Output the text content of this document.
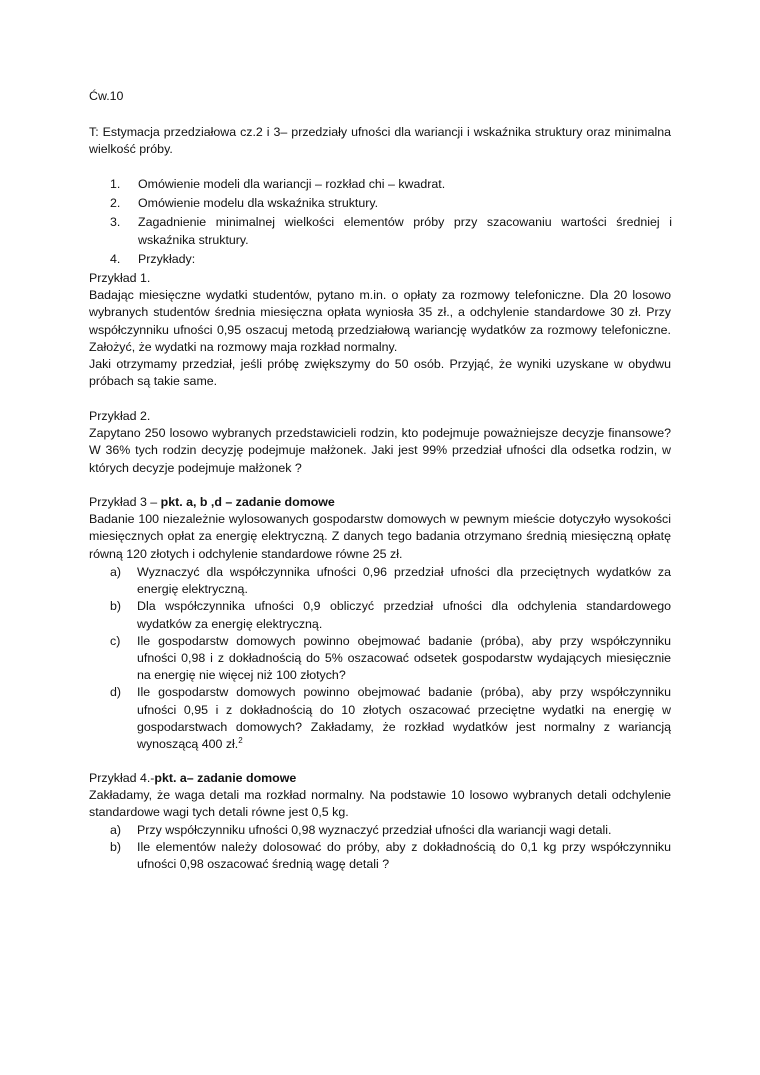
Ćw.10

T: Estymacja przedziałowa cz.2 i 3– przedziały ufności dla wariancji i wskaźnika struktury oraz minimalna wielkość próby.

1. Omówienie modeli dla wariancji – rozkład chi – kwadrat.
2. Omówienie modelu dla wskaźnika struktury.
3. Zagadnienie minimalnej wielkości elementów próby przy szacowaniu wartości średniej i wskaźnika struktury.
4. Przykłady:

Przykład 1.

Badając miesięczne wydatki studentów, pytano m.in. o opłaty za rozmowy telefoniczne. Dla 20 losowo wybranych studentów średnia miesięczna opłata wyniosła 35 zł., a odchylenie standardowe 30 zł. Przy współczynniku ufności 0,95 oszacuj metodą przedziałową wariancję wydatków za rozmowy telefoniczne. Założyć, że wydatki na rozmowy maja rozkład normalny.

Jaki otrzymamy przedział, jeśli próbę zwiększymy do 50 osób. Przyjąć, że wyniki uzyskane w obydwu próbach są takie same.

Przykład 2.

Zapytano 250 losowo wybranych przedstawicieli rodzin, kto podejmuje poważniejsze decyzje finansowe? W 36% tych rodzin decyzję podejmuje małżonek. Jaki jest 99% przedział ufności dla odsetka rodzin, w których decyzje podejmuje małżonek ?

Przykład 3 – pkt. a, b ,d – zadanie domowe

Badanie 100 niezależnie wylosowanych gospodarstw domowych w pewnym mieście dotyczyło wysokości miesięcznych opłat za energię elektryczną. Z danych tego badania otrzymano średnią miesięczną opłatę równą 120 złotych i odchylenie standardowe równe 25 zł.

a) Wyznaczyć dla współczynnika ufności 0,96 przedział ufności dla przeciętnych wydatków za energię elektryczną.
b) Dla współczynnika ufności 0,9 obliczyć przedział ufności dla odchylenia standardowego wydatków za energię elektryczną.
c) Ile gospodarstw domowych powinno obejmować badanie (próba), aby przy współczynniku ufności 0,98 i z dokładnością do 5% oszacować odsetek gospodarstw wydających miesięcznie na energię nie więcej niż 100 złotych?
d) Ile gospodarstw domowych powinno obejmować badanie (próba), aby przy współczynniku ufności 0,95 i z dokładnością do 10 złotych oszacować przeciętne wydatki na energię w gospodarstwach domowych? Zakładamy, że rozkład wydatków jest normalny z wariancją wynoszącą 400 zł.$^2$

Przykład 4.-pkt. a– zadanie domowe

Zakładamy, że waga detali ma rozkład normalny. Na podstawie 10 losowo wybranych detali odchylenie standardowe wagi tych detali równe jest 0,5 kg.

a) Przy współczynniku ufności 0,98 wyznaczyć przedział ufności dla wariancji wagi detali.
b) Ile elementów należy dolosować do próby, aby z dokładnością do 0,1 kg przy współczynniku ufności 0,98 oszacować średnią wagę detali ?
